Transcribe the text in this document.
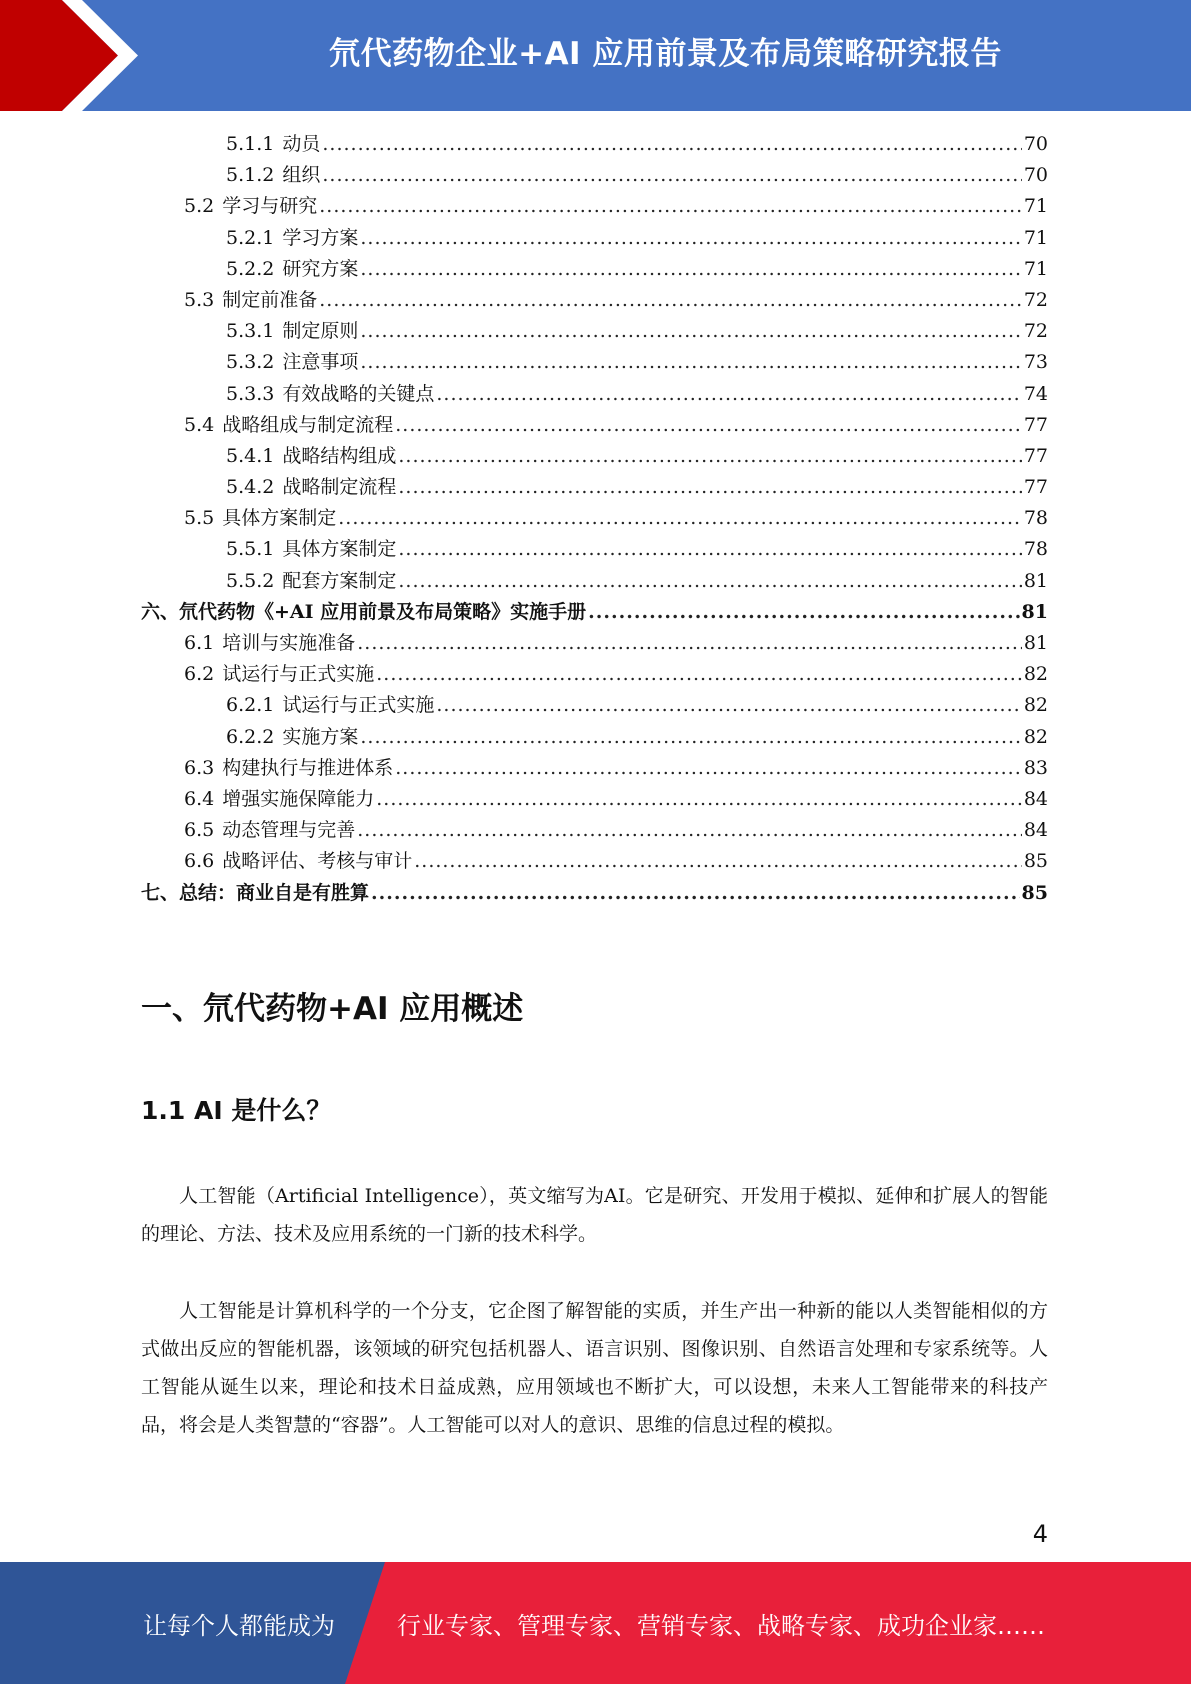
氘代药物企业+AI 应用前景及布局策略研究报告
5.1.1 动员 .....	70
5.1.2 组织 .....	70
5.2 学习与研究 .....	71
5.2.1 学习方案 .....	71
5.2.2 研究方案 .....	71
5.3 制定前准备 .....	72
5.3.1 制定原则 .....	72
5.3.2 注意事项 .....	73
5.3.3 有效战略的关键点 .....	74
5.4 战略组成与制定流程 .....	77
5.4.1 战略结构组成 .....	77
5.4.2 战略制定流程 .....	77
5.5 具体方案制定 .....	78
5.5.1 具体方案制定 .....	78
5.5.2 配套方案制定 .....	81
六、氘代药物《+AI 应用前景及布局策略》实施手册 .....	81
6.1 培训与实施准备 .....	81
6.2 试运行与正式实施 .....	82
6.2.1 试运行与正式实施 .....	82
6.2.2 实施方案 .....	82
6.3 构建执行与推进体系 .....	83
6.4 增强实施保障能力 .....	84
6.5 动态管理与完善 .....	84
6.6 战略评估、考核与审计 .....	85
七、总结：商业自是有胜算 .....	85
一、氘代药物+AI 应用概述
1.1 AI 是什么？

人工智能（Artificial Intelligence），英文缩写为AI。它是研究、开发用于模拟、延伸和扩展人的智能的理论、方法、技术及应用系统的一门新的技术科学。

人工智能是计算机科学的一个分支，它企图了解智能的实质，并生产出一种新的能以人类智能相似的方式做出反应的智能机器，该领域的研究包括机器人、语言识别、图像识别、自然语言处理和专家系统等。人工智能从诞生以来，理论和技术日益成熟，应用领域也不断扩大，可以设想，未来人工智能带来的科技产品，将会是人类智慧的“容器”。人工智能可以对人的意识、思维的信息过程的模拟。

4
让每个人都能成为	行业专家、管理专家、营销专家、战略专家、成功企业家……
